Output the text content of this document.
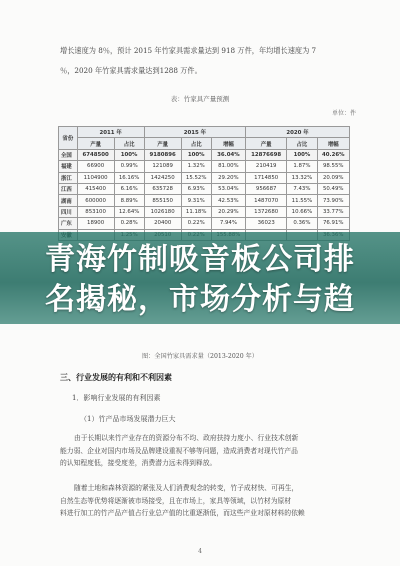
增长速度为 8％，预计 2015 年竹家具需求量达到 918 万件，年均增长速度为 7
％，2020 年竹家具需求量达到1288 万件。
表：竹家具产量预测
单位：件
省份	2011 年		2015 年			2020 年		
	产量	占比	产量	占比	增幅	产量	占比	增幅
全国	6748500	100%	9180896	100%	36.04%	12876698	100%	40.26%
福建	66900	0.99%	121089	1.32%	81.00%	210419	1.87%	98.55%
浙江	1104900	16.16%	1424250	15.52%	29.20%	1714850	13.32%	20.09%
江西	415400	6.16%	635728	6.93%	53.04%	956687	7.43%	50.49%
湖南	600000	8.89%	855150	9.31%	42.53%	1487070	11.55%	73.90%
四川	853100	12.64%	1026180	11.18%	20.29%	1372680	10.66%	33.77%
广东	18900	0.28%	20400	0.22%	7.94%	36023	0.36%	76.91%

青海竹制吸音板公司排
名揭秘，市场分析与趋
图：全国竹家具需求量（2013-2020 年）
三、行业发展的有利和不利因素
1．影响行业发展的有利因素
（1）竹产品市场发展潜力巨大
由于长期以来竹产业存在的资源分布不均、政府扶持力度小、行业技术创新
能力弱、企业对国内市场及品牌建设重视不够等问题，造成消费者对现代竹产品
的认知程度低，接受度差，消费潜力远未得到释放。
随着土地和森林资源的紧张及人们消费观念的转变，竹子成材快、可再生，
自然生态等优势将逐渐被市场接受，且在市场上，家具等领域，以竹材为原材
料进行加工的竹产品产值占行业总产值的比重逐渐低，而这些产业对原材料的依赖
4
